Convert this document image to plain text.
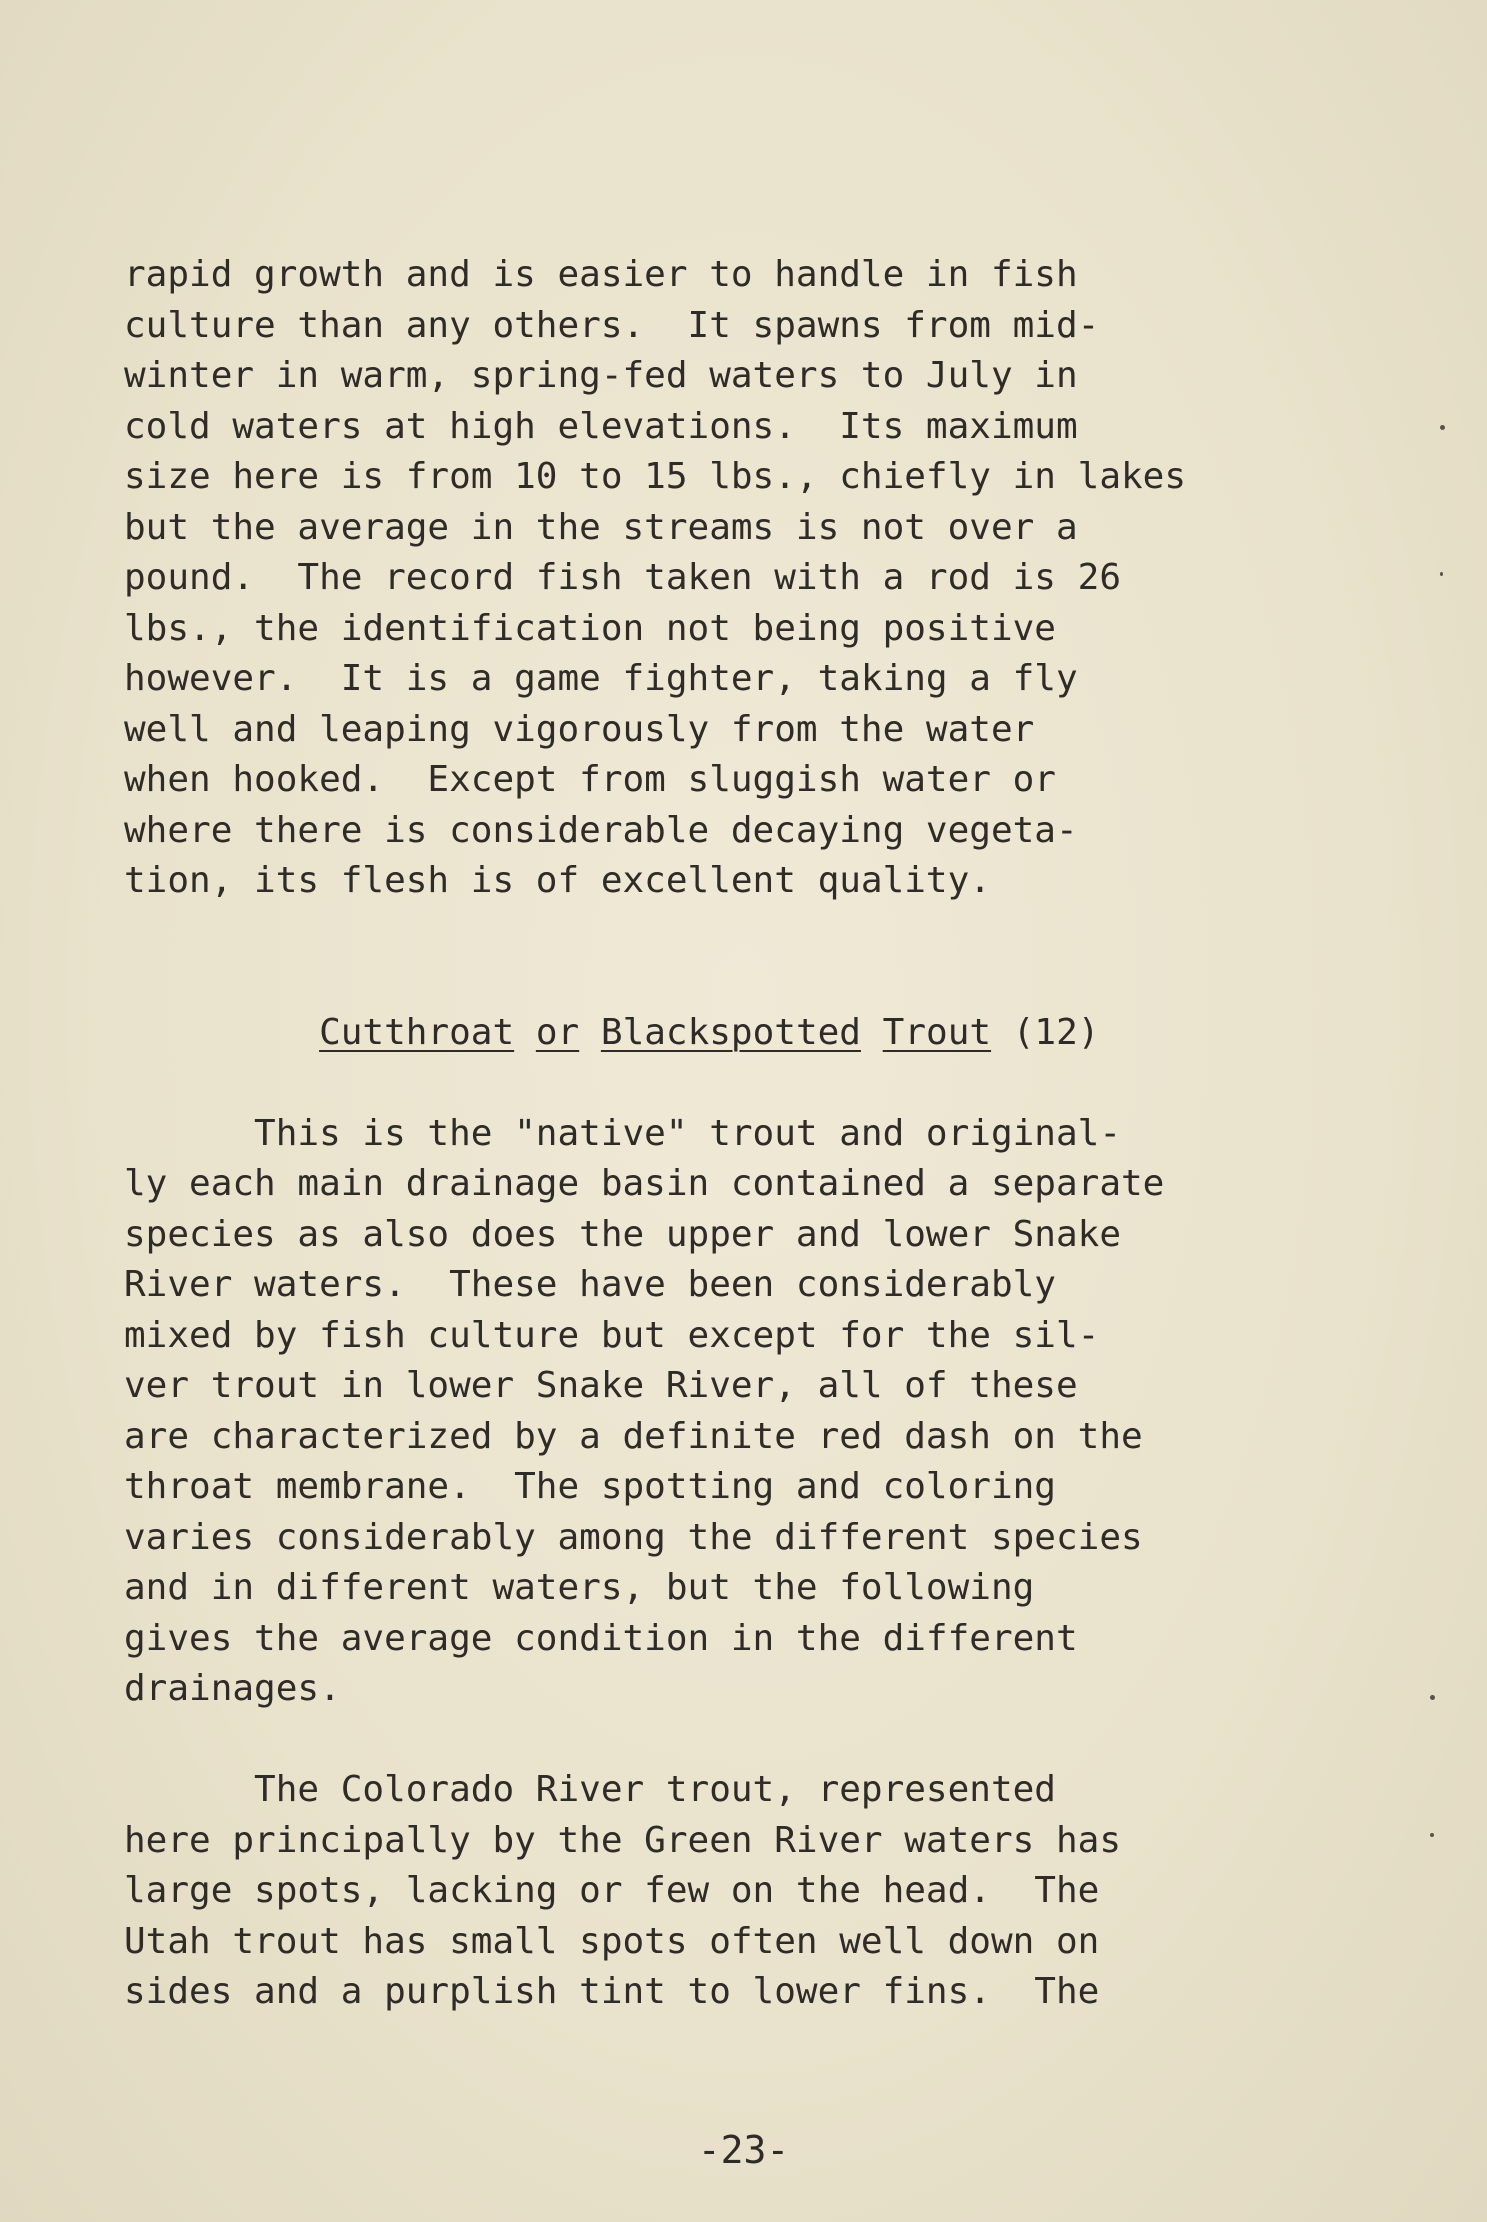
rapid growth and is easier to handle in fish
culture than any others.  It spawns from mid-
winter in warm, spring-fed waters to July in
cold waters at high elevations.  Its maximum
size here is from 10 to 15 lbs., chiefly in lakes
but the average in the streams is not over a
pound.  The record fish taken with a rod is 26
lbs., the identification not being positive
however.  It is a game fighter, taking a fly
well and leaping vigorously from the water
when hooked.  Except from sluggish water or
where there is considerable decaying vegeta-
tion, its flesh is of excellent quality.
Cutthroat or Blackspotted Trout (12)
This is the "native" trout and original-
ly each main drainage basin contained a separate
species as also does the upper and lower Snake
River waters.  These have been considerably
mixed by fish culture but except for the sil-
ver trout in lower Snake River, all of these
are characterized by a definite red dash on the
throat membrane.  The spotting and coloring
varies considerably among the different species
and in different waters, but the following
gives the average condition in the different
drainages.
The Colorado River trout, represented
here principally by the Green River waters has
large spots, lacking or few on the head.  The
Utah trout has small spots often well down on
sides and a purplish tint to lower fins.  The
-23-
